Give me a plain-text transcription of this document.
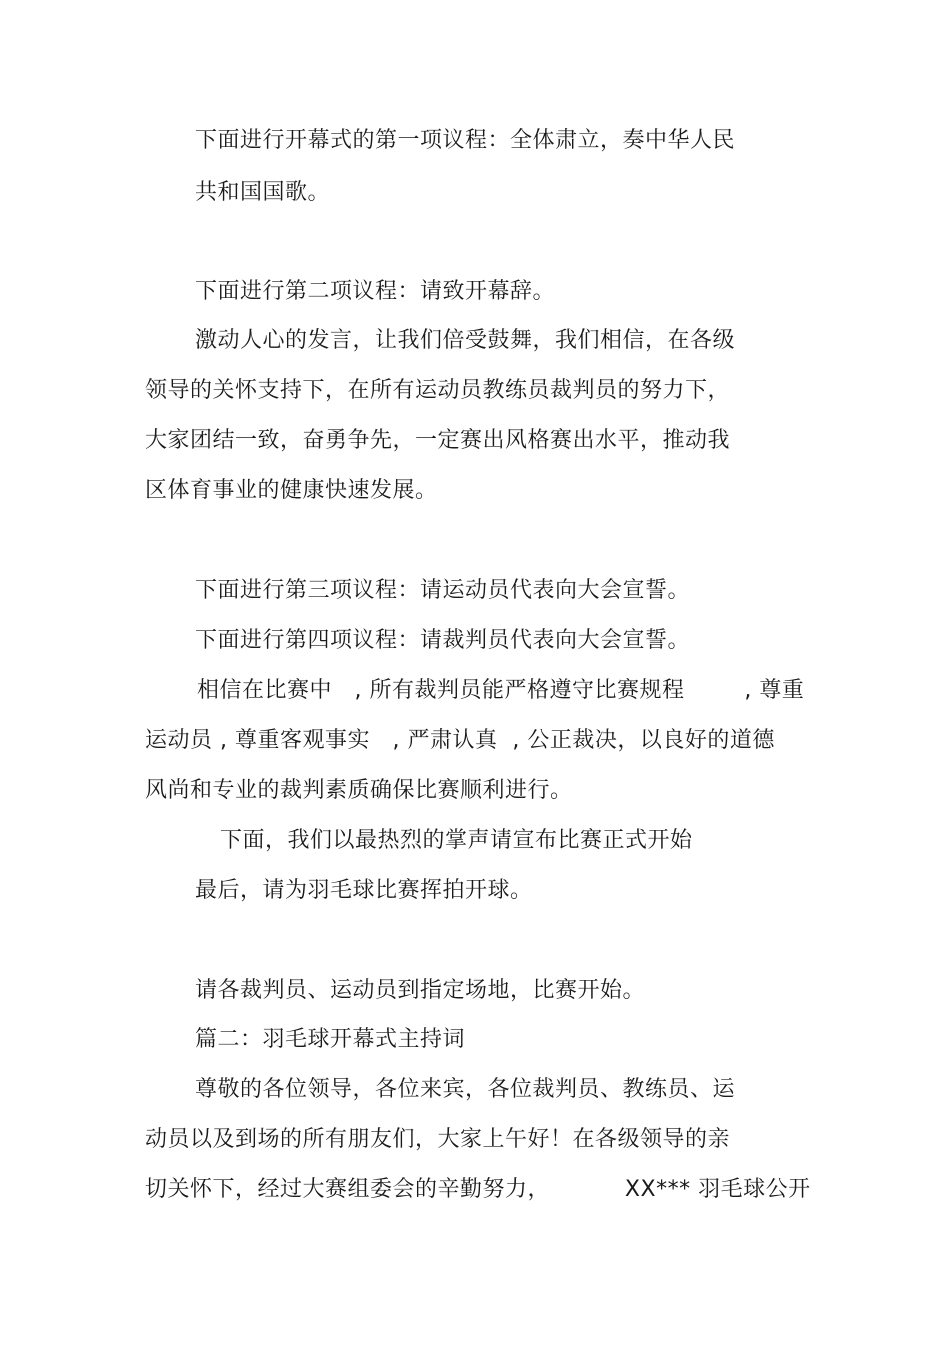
下面进行开幕式的第一项议程：全体肃立，奏中华人民
共和国国歌。
下面进行第二项议程：请致开幕辞。
激动人心的发言，让我们倍受鼓舞，我们相信，在各级
领导的关怀支持下，在所有运动员教练员裁判员的努力下，
大家团结一致，奋勇争先，一定赛出风格赛出水平，推动我
区体育事业的健康快速发展。
下面进行第三项议程：请运动员代表向大会宣誓。
下面进行第四项议程：请裁判员代表向大会宣誓。
相信在比赛中   , 所有裁判员能严格遵守比赛规程        , 尊重
运动员 , 尊重客观事实   , 严肃认真  , 公正裁决，以良好的道德
风尚和专业的裁判素质确保比赛顺利进行。
下面，我们以最热烈的掌声请宣布比赛正式开始
最后，请为羽毛球比赛挥拍开球。
请各裁判员、运动员到指定场地，比赛开始。
篇二：羽毛球开幕式主持词
尊敬的各位领导，各位来宾，各位裁判员、教练员、运
动员以及到场的所有朋友们，大家上午好！在各级领导的亲
切关怀下，经过大赛组委会的辛勤努力，          XX*** 羽毛球公开
